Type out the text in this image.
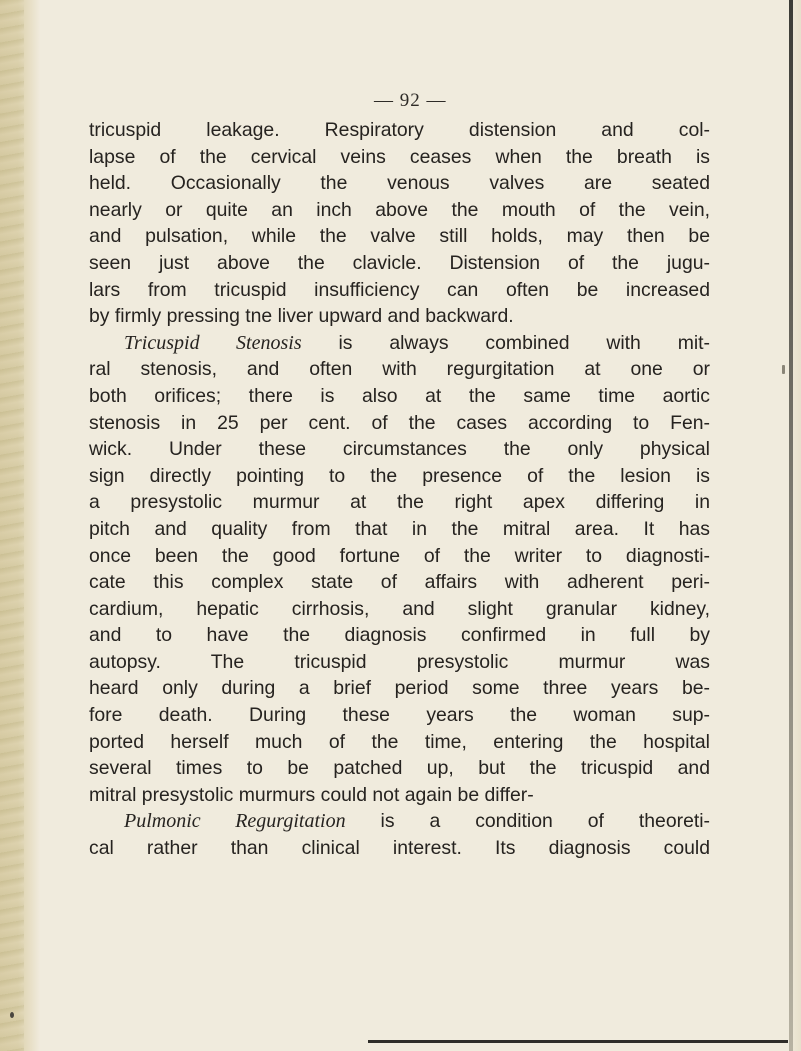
— 92 —
tricuspid leakage. Respiratory distension and col-
lapse of the cervical veins ceases when the breath is
held. Occasionally the venous valves are seated
nearly or quite an inch above the mouth of the vein,
and pulsation, while the valve still holds, may then be
seen just above the clavicle. Distension of the jugu-
lars from tricuspid insufficiency can often be increased
by firmly pressing tne liver upward and backward.
Tricuspid Stenosis is always combined with mit-
ral stenosis, and often with regurgitation at one or
both orifices; there is also at the same time aortic
stenosis in 25 per cent. of the cases according to Fen-
wick. Under these circumstances the only physical
sign directly pointing to the presence of the lesion is
a presystolic murmur at the right apex differing in
pitch and quality from that in the mitral area. It has
once been the good fortune of the writer to diagnosti-
cate this complex state of affairs with adherent peri-
cardium, hepatic cirrhosis, and slight granular kidney,
and to have the diagnosis confirmed in full by
autopsy. The tricuspid presystolic murmur was
heard only during a brief period some three years be-
fore death. During these years the woman sup-
ported herself much of the time, entering the hospital
several times to be patched up, but the tricuspid and
mitral presystolic murmurs could not again be differ-
Pulmonic Regurgitation is a condition of theoreti-
cal rather than clinical interest. Its diagnosis could
